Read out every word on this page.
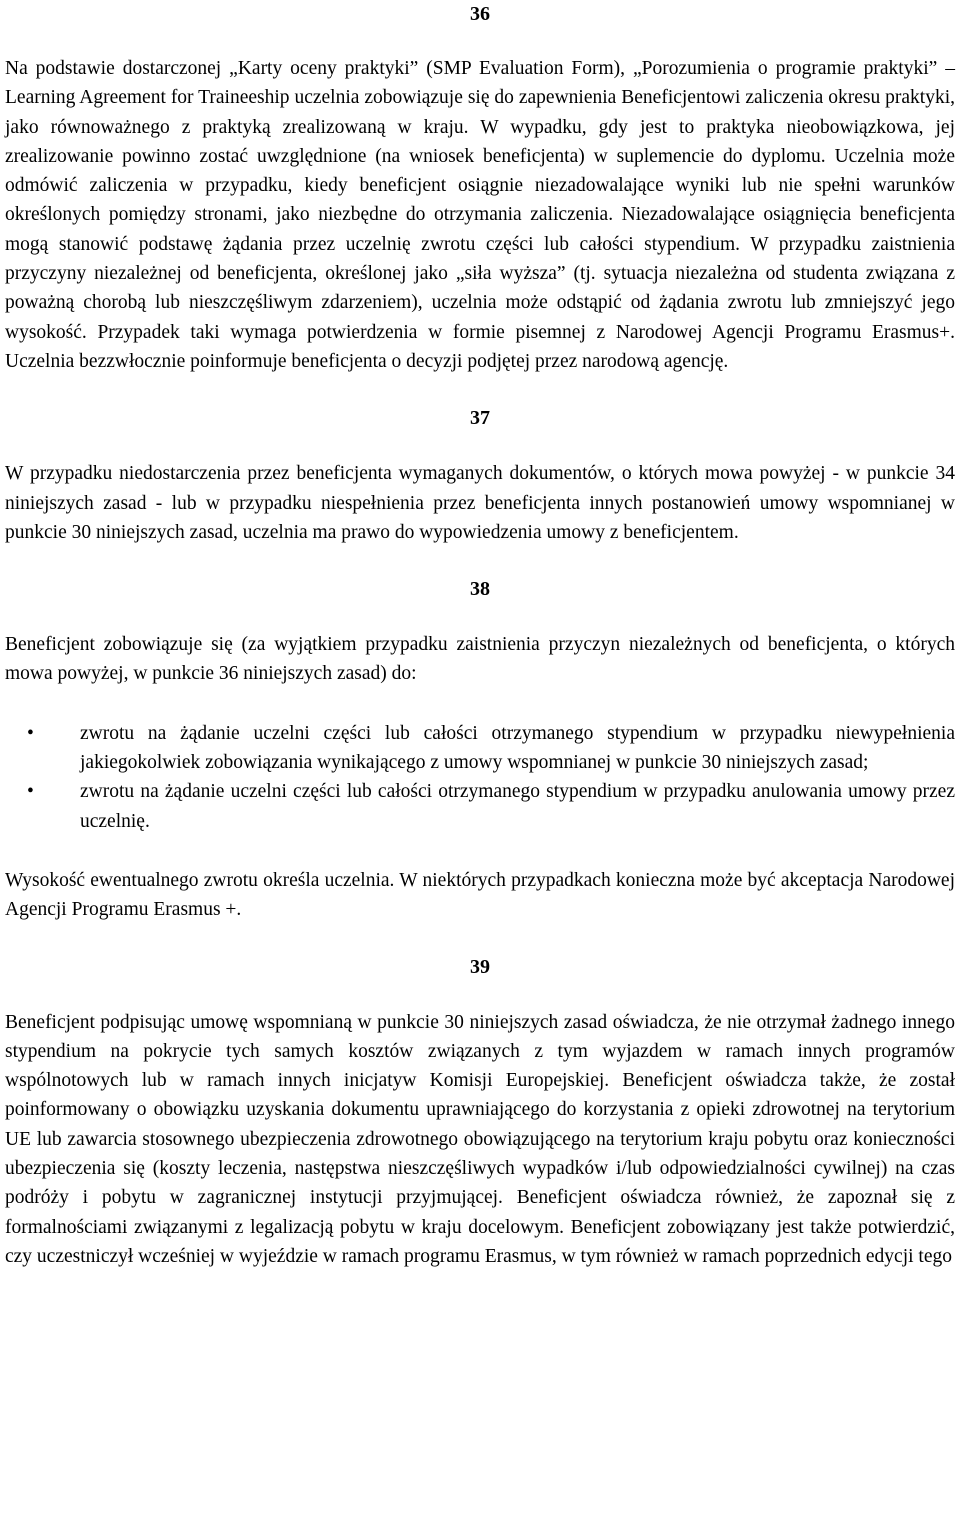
36

Na podstawie dostarczonej „Karty oceny praktyki” (SMP Evaluation Form), „Porozumienia o programie praktyki” – Learning Agreement for Traineeship uczelnia zobowiązuje się do zapewnienia Beneficjentowi zaliczenia okresu praktyki, jako równoważnego z praktyką zrealizowaną w kraju. W wypadku, gdy jest to praktyka nieobowiązkowa, jej zrealizowanie powinno zostać uwzględnione (na wniosek beneficjenta) w suplemencie do dyplomu. Uczelnia może odmówić zaliczenia w przypadku, kiedy beneficjent osiągnie niezadowalające wyniki lub nie spełni warunków określonych pomiędzy stronami, jako niezbędne do otrzymania zaliczenia. Niezadowalające osiągnięcia beneficjenta mogą stanowić podstawę żądania przez uczelnię zwrotu części lub całości stypendium. W przypadku zaistnienia przyczyny niezależnej od beneficjenta, określonej jako „siła wyższa” (tj. sytuacja niezależna od studenta związana z poważną chorobą lub nieszczęśliwym zdarzeniem), uczelnia może odstąpić od żądania zwrotu lub zmniejszyć jego wysokość. Przypadek taki wymaga potwierdzenia w formie pisemnej z Narodowej Agencji Programu Erasmus+. Uczelnia bezzwłocznie poinformuje beneficjenta o decyzji podjętej przez narodową agencję.

37

W przypadku niedostarczenia przez beneficjenta wymaganych dokumentów, o których mowa powyżej - w punkcie 34 niniejszych zasad - lub w przypadku niespełnienia przez beneficjenta innych postanowień umowy wspomnianej w punkcie 30 niniejszych zasad, uczelnia ma prawo do wypowiedzenia umowy z beneficjentem.

38

Beneficjent zobowiązuje się (za wyjątkiem przypadku zaistnienia przyczyn niezależnych od beneficjenta, o których mowa powyżej, w punkcie 36 niniejszych zasad) do:

• zwrotu na żądanie uczelni części lub całości otrzymanego stypendium w przypadku niewypełnienia jakiegokolwiek zobowiązania wynikającego z umowy wspomnianej w punkcie 30 niniejszych zasad;
• zwrotu na żądanie uczelni części lub całości otrzymanego stypendium w przypadku anulowania umowy przez uczelnię.

Wysokość ewentualnego zwrotu określa uczelnia. W niektórych przypadkach konieczna może być akceptacja Narodowej Agencji Programu Erasmus +.

39

Beneficjent podpisując umowę wspomnianą w punkcie 30 niniejszych zasad oświadcza, że nie otrzymał żadnego innego stypendium na pokrycie tych samych kosztów związanych z tym wyjazdem w ramach innych programów wspólnotowych lub w ramach innych inicjatyw Komisji Europejskiej. Beneficjent oświadcza także, że został poinformowany o obowiązku uzyskania dokumentu uprawniającego do korzystania z opieki zdrowotnej na terytorium UE lub zawarcia stosownego ubezpieczenia zdrowotnego obowiązującego na terytorium kraju pobytu oraz konieczności ubezpieczenia się (koszty leczenia, następstwa nieszczęśliwych wypadków i/lub odpowiedzialności cywilnej) na czas podróży i pobytu w zagranicznej instytucji przyjmującej. Beneficjent oświadcza również, że zapoznał się z formalnościami związanymi z legalizacją pobytu w kraju docelowym. Beneficjent zobowiązany jest także potwierdzić, czy uczestniczył wcześniej w wyjeździe w ramach programu Erasmus, w tym również w ramach poprzednich edycji tego
